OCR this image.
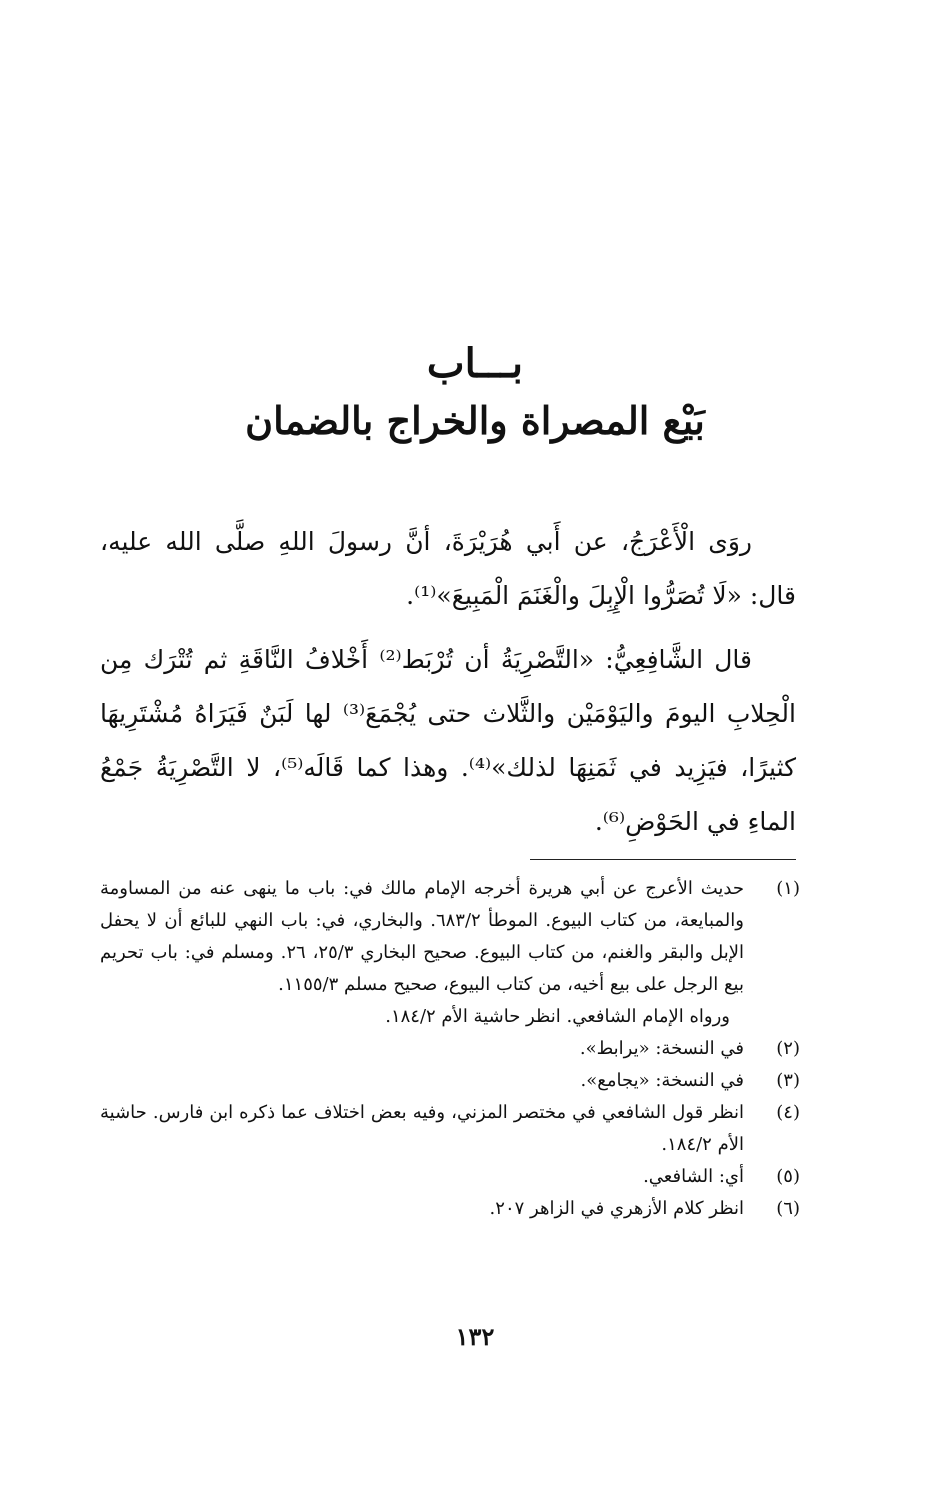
بـــاب
بَيْع المصراة والخراج بالضمان

روَى الْأَعْرَجُ، عن أَبي هُرَيْرَةَ، أنَّ رسولَ اللهِ صلَّى الله عليه، قال: «لَا تُصَرُّوا الْإِبِلَ والْغَنَمَ الْمَبِيعَ»⁽¹⁾.

قال الشَّافِعِيُّ: «التَّصْرِيَةُ أن تُرْبَط⁽²⁾ أَخْلافُ النَّاقَةِ ثم تُتْرَك مِن الْحِلابِ اليومَ واليَوْمَيْن والثَّلاث حتى يُجْمَعَ⁽³⁾ لها لَبَنٌ فَيَرَاهُ مُشْتَرِيهَا كثيرًا، فيَزِيد في ثَمَنِهَا لذلك»⁽⁴⁾. وهذا كما قَالَه⁽⁵⁾، لا التَّصْرِيَةُ جَمْعُ الماءِ في الحَوْضِ⁽⁶⁾.

(١)
حديث الأعرج عن أبي هريرة أخرجه الإمام مالك في: باب ما ينهى عنه من المساومة والمبايعة، من كتاب البيوع. الموطأ ٦٨٣/٢. والبخاري، في: باب النهي للبائع أن لا يحفل الإبل والبقر والغنم، من كتاب البيوع. صحيح البخاري ٢٥/٣، ٢٦. ومسلم في: باب تحريم بيع الرجل على بيع أخيه، من كتاب البيوع، صحيح مسلم ١١٥٥/٣.
ورواه الإمام الشافعي. انظر حاشية الأم ١٨٤/٢.
(٢)
في النسخة: «يرابط».
(٣)
في النسخة: «يجامع».
(٤)
انظر قول الشافعي في مختصر المزني، وفيه بعض اختلاف عما ذكره ابن فارس. حاشية الأم ١٨٤/٢.
(٥)
أي: الشافعي.
(٦)
انظر كلام الأزهري في الزاهر ٢٠٧.
١٣٢
